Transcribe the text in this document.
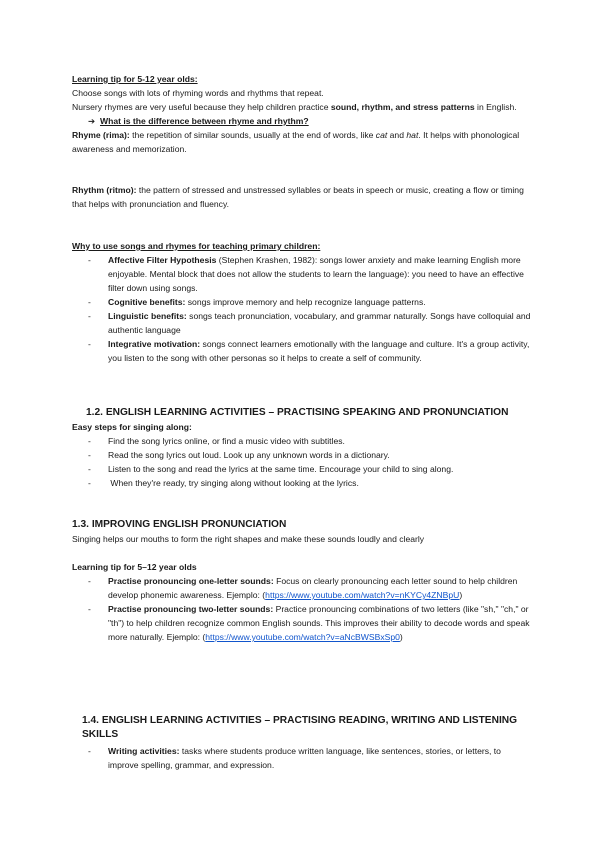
Learning tip for 5-12 year olds:
Choose songs with lots of rhyming words and rhythms that repeat.
Nursery rhymes are very useful because they help children practice sound, rhythm, and stress patterns in English.
➔ What is the difference between rhyme and rhythm?
Rhyme (rima): the repetition of similar sounds, usually at the end of words, like cat and hat. It helps with phonological awareness and memorization.
Rhythm (ritmo): the pattern of stressed and unstressed syllables or beats in speech or music, creating a flow or timing that helps with pronunciation and fluency.
Why to use songs and rhymes for teaching primary children:
- Affective Filter Hypothesis (Stephen Krashen, 1982): songs lower anxiety and make learning English more enjoyable. Mental block that does not allow the students to learn the language): you need to have an effective filter down using songs.
- Cognitive benefits: songs improve memory and help recognize language patterns.
- Linguistic benefits: songs teach pronunciation, vocabulary, and grammar naturally. Songs have colloquial and authentic language
- Integrative motivation: songs connect learners emotionally with the language and culture. It's a group activity, you listen to the song with other personas so it helps to create a self of community.
1.2. ENGLISH LEARNING ACTIVITIES – PRACTISING SPEAKING AND PRONUNCIATION
Easy steps for singing along:
- Find the song lyrics online, or find a music video with subtitles.
- Read the song lyrics out loud. Look up any unknown words in a dictionary.
- Listen to the song and read the lyrics at the same time. Encourage your child to sing along.
-  When they're ready, try singing along without looking at the lyrics.
1.3. IMPROVING ENGLISH PRONUNCIATION
Singing helps our mouths to form the right shapes and make these sounds loudly and clearly
Learning tip for 5–12 year olds
- Practise pronouncing one-letter sounds: Focus on clearly pronouncing each letter sound to help children develop phonemic awareness. Ejemplo: (https://www.youtube.com/watch?v=nKYCy4ZNBpU)
- Practise pronouncing two-letter sounds: Practice pronouncing combinations of two letters (like "sh," "ch," or "th") to help children recognize common English sounds. This improves their ability to decode words and speak more naturally. Ejemplo: (https://www.youtube.com/watch?v=aNcBWSBxSp0)
1.4. ENGLISH LEARNING ACTIVITIES – PRACTISING READING, WRITING AND LISTENING SKILLS
- Writing activities: tasks where students produce written language, like sentences, stories, or letters, to improve spelling, grammar, and expression.
